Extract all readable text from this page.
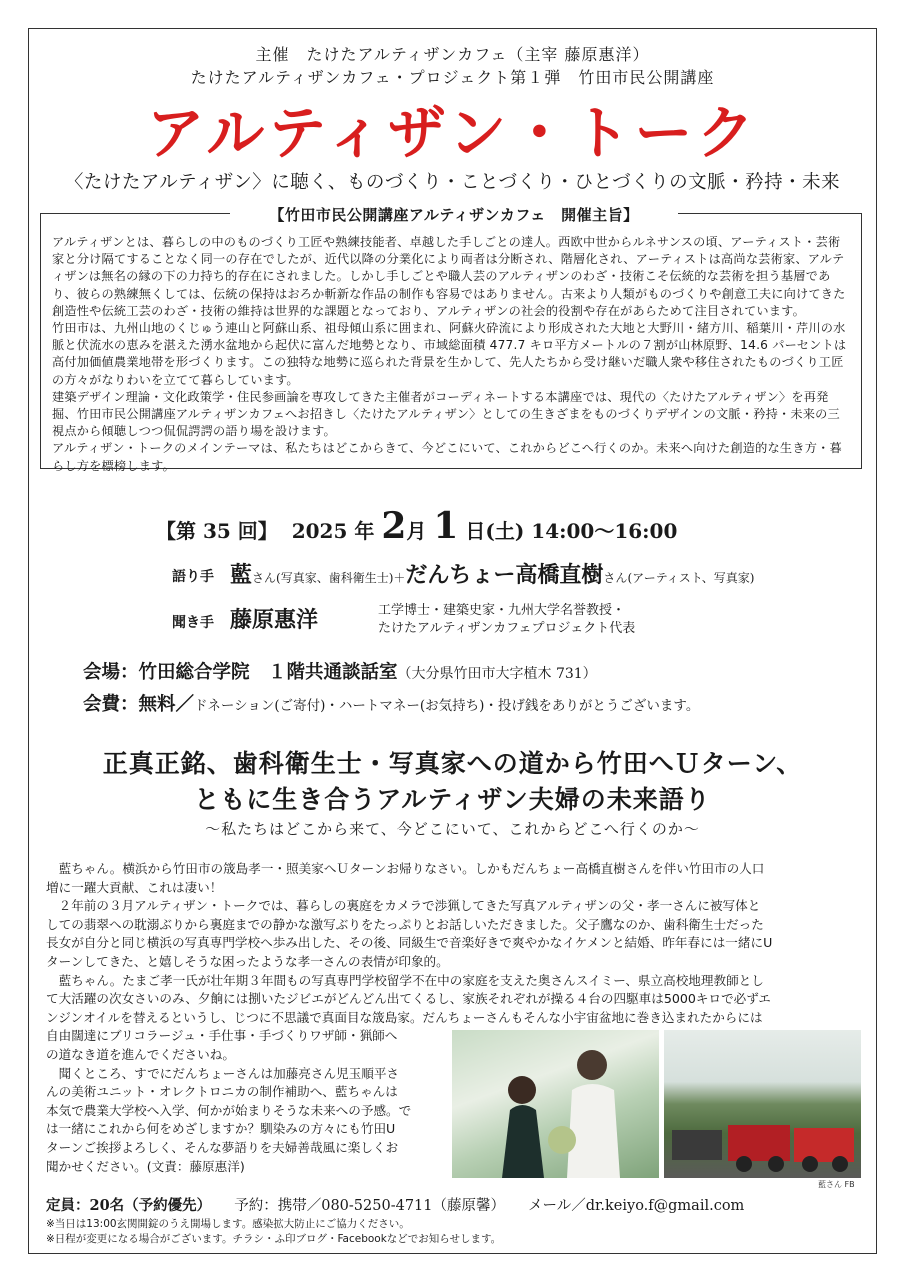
主催　たけたアルティザンカフェ（主宰 藤原惠洋）
たけたアルティザンカフェ・プロジェクト第１弾　竹田市民公開講座
アルティザン・トーク
〈たけたアルティザン〉に聴く、ものづくり・ことづくり・ひとづくりの文脈・矜持・未来
【竹田市民公開講座アルティザンカフェ　開催主旨】

アルティザンとは、暮らしの中のものづくり工匠や熟練技能者、卓越した手しごとの達人。西欧中世からルネサンスの頃、アーティスト・芸術家と分け隔てすることなく同一の存在でしたが、近代以降の分業化により両者は分断され、階層化され、アーティストは高尚な芸術家、アルティザンは無名の縁の下の力持ち的存在にされました。しかし手しごとや職人芸のアルティザンのわざ・技術こそ伝統的な芸術を担う基層であり、彼らの熟練無くしては、伝統の保持はおろか斬新な作品の制作も容易ではありません。古来より人類がものづくりや創意工夫に向けてきた創造性や伝統工芸のわざ・技術の維持は世界的な課題となっており、アルティザンの社会的役割や存在があらためて注目されています。

竹田市は、九州山地のくじゅう連山と阿蘇山系、祖母傾山系に囲まれ、阿蘇火砕流により形成された大地と大野川・緒方川、稲葉川・芹川の水脈と伏流水の恵みを湛えた湧水盆地から起伏に富んだ地勢となり、市域総面積 477.7 キロ平方メートルの７割が山林原野、14.6 パーセントは高付加価値農業地帯を形づくります。この独特な地勢に巡られた背景を生かして、先人たちから受け継いだ職人衆や移住されたものづくり工匠の方々がなりわいを立てて暮らしています。

建築デザイン理論・文化政策学・住民参画論を専攻してきた主催者がコーディネートする本講座では、現代の〈たけたアルティザン〉を再発掘、竹田市民公開講座アルティザンカフェへお招きし〈たけたアルティザン〉としての生きざまをものづくりデザインの文脈・矜持・未来の三視点から傾聴しつつ侃侃諤諤の語り場を設けます。

アルティザン・トークのメインテーマは、私たちはどこからきて、今どこにいて、これからどこへ行くのか。未来へ向けた創造的な生き方・暮らし方を標榜します。

【第 35 回】 2025 年 2月 1 日(土) 14:00〜16:00
語り手 藍さん(写真家、歯科衛生士)＋だんちょー高橋直樹さん(アーティスト、写真家)
聞き手 藤原惠洋	工学博士・建築史家・九州大学名誉教授・
たけたアルティザンカフェプロジェクト代表
会場：竹田総合学院　１階共通談話室（大分県竹田市大字植木 731）
会費：無料／ドネーション(ご寄付)・ハートマネー(お気持ち)・投げ銭をありがとうございます。
正真正銘、歯科衛生士・写真家への道から竹田へＵターン、
ともに生き合うアルティザン夫婦の未来語り
〜私たちはどこから来て、今どこにいて、これからどこへ行くのか〜
藍ちゃん。横浜から竹田市の筬島孝一・照美家へＵターンお帰りなさい。しかもだんちょー高橋直樹さんを伴い竹田市の人口
増に一躍大貢献、これは凄い！
２年前の３月アルティザン・トークでは、暮らしの裏庭をカメラで渉猟してきた写真アルティザンの父・孝一さんに被写体と
しての翡翠への耽溺ぶりから裏庭までの静かな激写ぶりをたっぷりとお話しいただきました。父子鷹なのか、歯科衛生士だった
長女が自分と同じ横浜の写真専門学校へ歩み出した、その後、同級生で音楽好きで爽やかなイケメンと結婚、昨年春には一緒にU
ターンしてきた、と嬉しそうな困ったような孝一さんの表情が印象的。
藍ちゃん。たまご孝一氏が壮年期３年間もの写真専門学校留学不在中の家庭を支えた奥さんスイミー、県立高校地理教師とし
て大活躍の次女さいのみ、夕餉には捌いたジビエがどんどん出てくるし、家族それぞれが操る４台の四駆車は5000キロで必ずエ
ンジンオイルを替えるというし、じつに不思議で真面目な筬島家。だんちょーさんもそんな小宇宙盆地に巻き込まれたからには
自由闊達にブリコラージュ・手仕事・手づくりワザ師・猟師へ
の道なき道を進んでくださいね。
聞くところ、すでにだんちょーさんは加藤亮さん児玉順平さ
んの美術ユニット・オレクトロニカの制作補助へ、藍ちゃんは
本気で農業大学校へ入学、何かが始まりそうな未来への予感。で
は一緒にこれから何をめざしますか？馴染みの方々にも竹田U
ターンご挨拶よろしく、そんな夢語りを夫婦善哉風に楽しくお
聞かせください。(文責：藤原惠洋)
藍さん FB
定員：20名（予約優先） 予約：携帯／080-5250-4711（藤原馨） メール／dr.keiyo.f@gmail.com
※当日は13:00玄関開錠のうえ開場します。感染拡大防止にご協力ください。
※日程が変更になる場合がございます。チラシ・ふ印ブログ・Facebookなどでお知らせします。
